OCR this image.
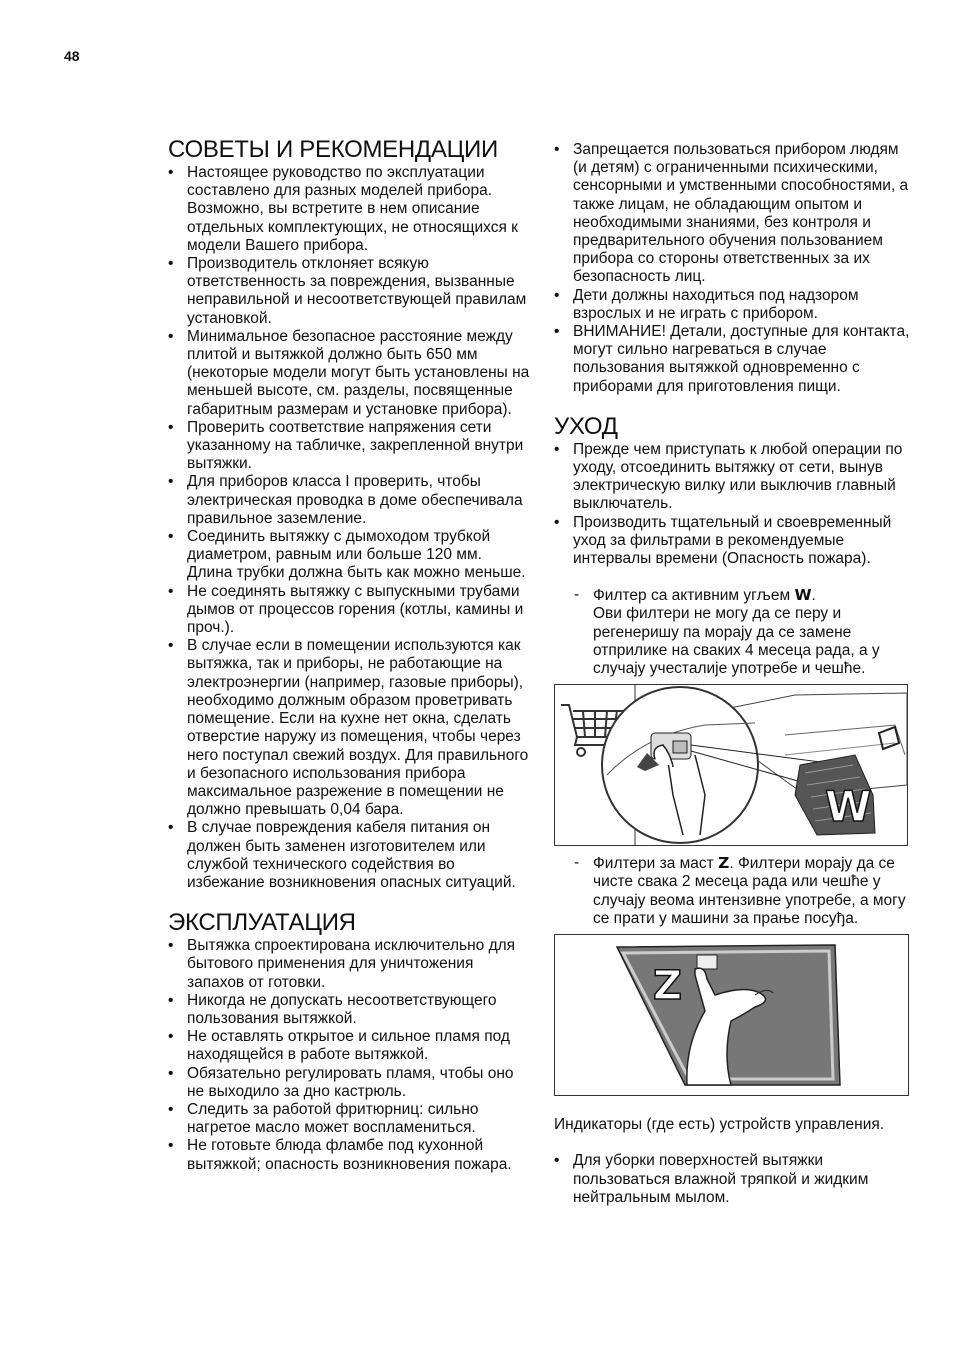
48
СОВЕТЫ И РЕКОМЕНДАЦИИ
• Настоящее руководство по эксплуатации составлено для разных моделей прибора. Возможно, вы встретите в нем описание отдельных комплектующих, не относящихся к модели Вашего прибора.
• Производитель отклоняет всякую ответственность за повреждения, вызванные неправильной и несоответствующей правилам установкой.
• Минимальное безопасное расстояние между плитой и вытяжкой должно быть 650 мм (некоторые модели могут быть установлены на меньшей высоте, см. разделы, посвященные габаритным размерам и установке прибора).
• Проверить соответствие напряжения сети указанному на табличке, закрепленной внутри вытяжки.
• Для приборов класса I проверить, чтобы электрическая проводка в доме обеспечивала правильное заземление.
• Соединить вытяжку с дымоходом трубкой диаметром, равным или больше 120 мм. Длина трубки должна быть как можно меньше.
• Не соединять вытяжку с выпускными трубами дымов от процессов горения (котлы, камины и проч.).
• В случае если в помещении используются как вытяжка, так и приборы, не работающие на электроэнергии (например, газовые приборы), необходимо должным образом проветривать помещение. Если на кухне нет окна, сделать отверстие наружу из помещения, чтобы через него поступал свежий воздух. Для правильного и безопасного использования прибора максимальное разрежение в помещении не должно превышать 0,04 бара.
• В случае повреждения кабеля питания он должен быть заменен изготовителем или службой технического содействия во избежание возникновения опасных ситуаций.
ЭКСПЛУАТАЦИЯ
• Вытяжка спроектирована исключительно для бытового применения для уничтожения запахов от готовки.
• Никогда не допускать несоответствующего пользования вытяжкой.
• Не оставлять открытое и сильное пламя под находящейся в работе вытяжкой.
• Обязательно регулировать пламя, чтобы оно не выходило за дно кастрюль.
• Следить за работой фритюрниц: сильно нагретое масло может воспламениться.
• Не готовьте блюда фламбе под кухонной вытяжкой; опасность возникновения пожара.
• Запрещается пользоваться прибором людям (и детям) с ограниченными психическими, сенсорными и умственными способностями, а также лицам, не обладающим опытом и необходимыми знаниями, без контроля и предварительного обучения пользованием прибора со стороны ответственных за их безопасность лиц.
• Дети должны находиться под надзором взрослых и не играть с прибором.
• ВНИМАНИЕ! Детали, доступные для контакта, могут сильно нагреваться в случае пользования вытяжкой одновременно с приборами для приготовления пищи.
УХОД
• Прежде чем приступать к любой операции по уходу, отсоединить вытяжку от сети, вынув электрическую вилку или выключив главный выключатель.
• Производить тщательный и своевременный уход за фильтрами в рекомендуемые интервалы времени (Опасность пожара).
- Филтер са активним угљем W.
Ови филтери не могу да се перу и регенеришу па морају да се замене отприлике на сваких 4 месеца рада, а у случају учесталије употребе и чешће.
W
- Филтери за маст Z. Филтери морају да се чисте свака 2 месеца рада или чешће у случају веома интензивне употребе, а могу се прати у машини за прање посуђа.
Z
Индикаторы (где есть) устройств управления.
• Для уборки поверхностей вытяжки пользоваться влажной тряпкой и жидким нейтральным мылом.
